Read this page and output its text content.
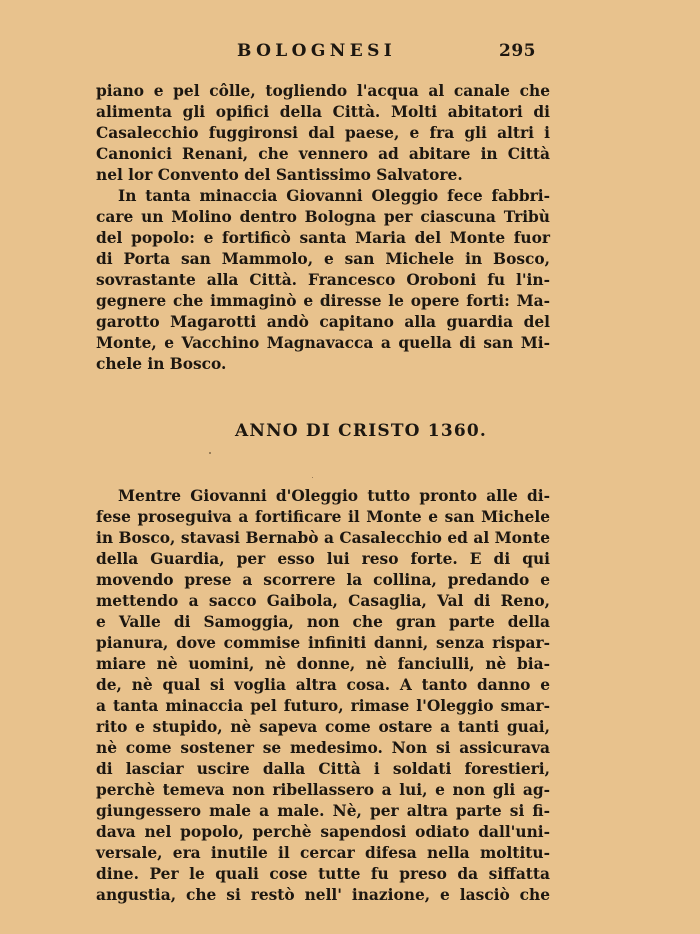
BOLOGNESI	295
piano e pel côlle, togliendo l'acqua al canale che
alimenta gli opifici della Città. Molti abitatori di
Casalecchio fuggironsi dal paese, e fra gli altri i
Canonici Renani, che vennero ad abitare in Città
nel lor Convento del Santissimo Salvatore.
In tanta minaccia Giovanni Oleggio fece fabbri-
care un Molino dentro Bologna per ciascuna Tribù
del popolo: e fortificò santa Maria del Monte fuor
di Porta san Mammolo, e san Michele in Bosco,
sovrastante alla Città. Francesco Oroboni fu l'in-
gegnere che immaginò e diresse le opere forti: Ma-
garotto Magarotti andò capitano alla guardia del
Monte, e Vacchino Magnavacca a quella di san Mi-
chele in Bosco.
ANNO DI CRISTO 1360.
Mentre Giovanni d'Oleggio tutto pronto alle di-
fese proseguiva a fortificare il Monte e san Michele
in Bosco, stavasi Bernabò a Casalecchio ed al Monte
della Guardia, per esso lui reso forte. E di qui
movendo prese a scorrere la collina, predando e
mettendo a sacco Gaibola, Casaglia, Val di Reno,
e Valle di Samoggia, non che gran parte della
pianura, dove commise infiniti danni, senza rispar-
miare nè uomini, nè donne, nè fanciulli, nè bia-
de, nè qual si voglia altra cosa. A tanto danno e
a tanta minaccia pel futuro, rimase l'Oleggio smar-
rito e stupido, nè sapeva come ostare a tanti guai,
nè come sostener se medesimo. Non si assicurava
di lasciar uscire dalla Città i soldati forestieri,
perchè temeva non ribellassero a lui, e non gli ag-
giungessero male a male. Nè, per altra parte si fi-
dava nel popolo, perchè sapendosi odiato dall'uni-
versale, era inutile il cercar difesa nella moltitu-
dine. Per le quali cose tutte fu preso da siffatta
angustia, che si restò nell' inazione, e lasciò che
